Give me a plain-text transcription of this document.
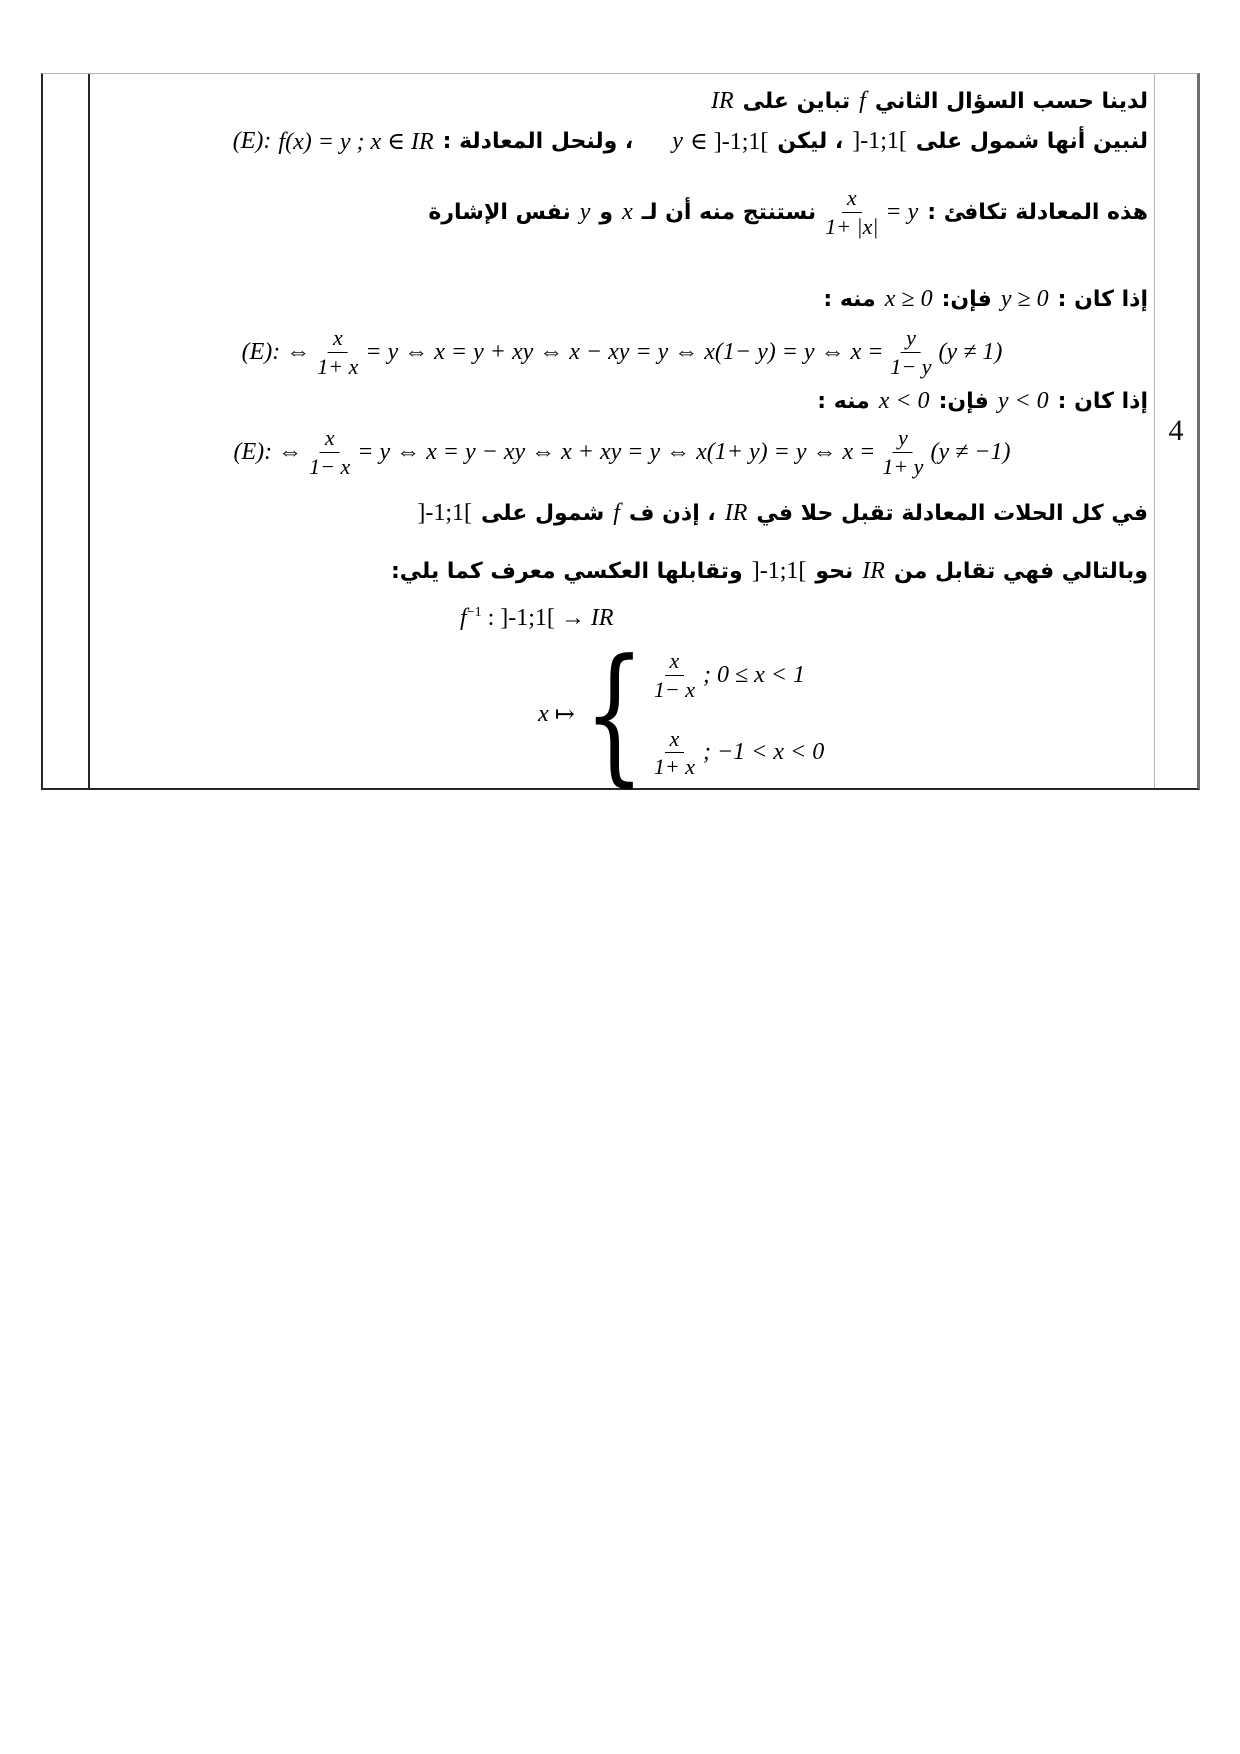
4
لدينا حسب السؤال الثاني
f
تباين على
IR
لنبين أنها شمول على
]-1;1[
، ليكن
y ∈ ]-1;1[
، ولنحل المعادلة :
(E): f(x) = y ; x ∈ IR
هذه المعادلة تكافئ :
$\frac{x}{1+ |x|} = y$
نستنتج منه أن لـ
x
و
y
نفس الإشارة
إذا كان :
y ≥ 0
فإن:
x ≥ 0
منه :
(E): ⇔ $\frac{x}{1+ x} = y$ ⇔ x = y + xy ⇔ x − xy = y ⇔ x(1− y) = y ⇔ $x = \frac{y}{1- y} (y \ne 1)$
إذا كان :
y < 0
فإن:
x < 0
منه :
(E): ⇔ $\frac{x}{1- x} = y$ ⇔ x = y − xy ⇔ x + xy = y ⇔ x(1+ y) = y ⇔ $x = \frac{y}{1+ y} (y \ne -1)$
في كل الحلات المعادلة تقبل حلا في
IR
، إذن ف
f
شمول على
]-1;1[
وبالتالي فهي تقابل من
IR
نحو
]-1;1[
وتقابلها العكسي معرف كما يلي:
$f^{-1}$ : ]-1;1[ → IR
x ↦ { $\frac{x}{1- x}$ ; 0 ≤ x < 1
$\frac{x}{1+ x}$ ; −1 < x < 0
